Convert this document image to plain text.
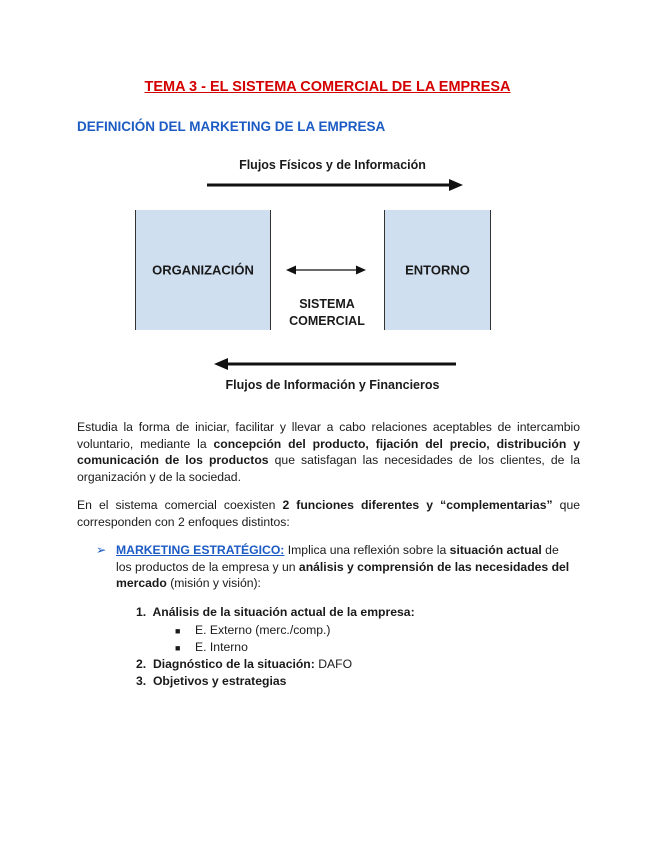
TEMA 3 - EL SISTEMA COMERCIAL DE LA EMPRESA
DEFINICIÓN DEL MARKETING DE LA EMPRESA
Flujos Físicos y de Información
ORGANIZACIÓN	ENTORNO
SISTEMA
COMERCIAL
Flujos de Información y Financieros
Estudia la forma de iniciar, facilitar y llevar a cabo relaciones aceptables de intercambio voluntario, mediante la concepción del producto, fijación del precio, distribución y comunicación de los productos que satisfagan las necesidades de los clientes, de la organización y de la sociedad.
En el sistema comercial coexisten 2 funciones diferentes y “complementarias” que corresponden con 2 enfoques distintos:
➢ MARKETING ESTRATÉGICO: Implica una reflexión sobre la situación actual de los productos de la empresa y un análisis y comprensión de las necesidades del mercado (misión y visión):
1. Análisis de la situación actual de la empresa:
■ E. Externo (merc./comp.)
■ E. Interno
2. Diagnóstico de la situación: DAFO
3. Objetivos y estrategias
